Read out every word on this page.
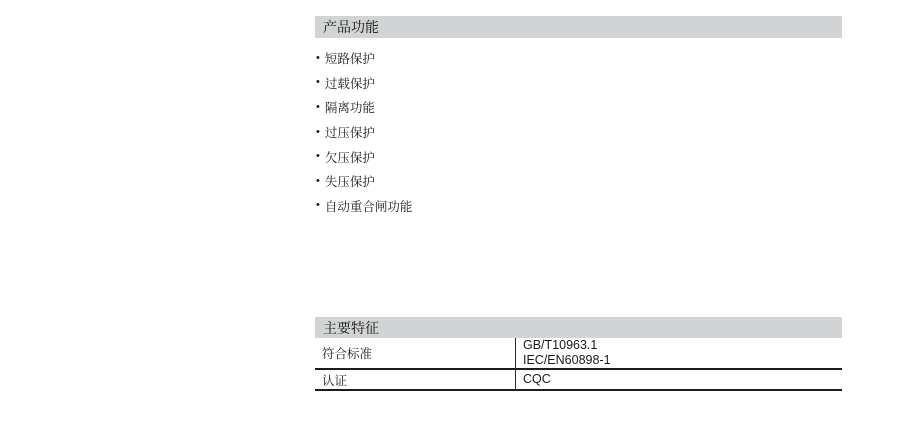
产品功能
• 短路保护
• 过载保护
• 隔离功能
• 过压保护
• 欠压保护
• 失压保护
• 自动重合闸功能
主要特征
符合标准
GB/T10963.1
IEC/EN60898-1
认证	CQC
